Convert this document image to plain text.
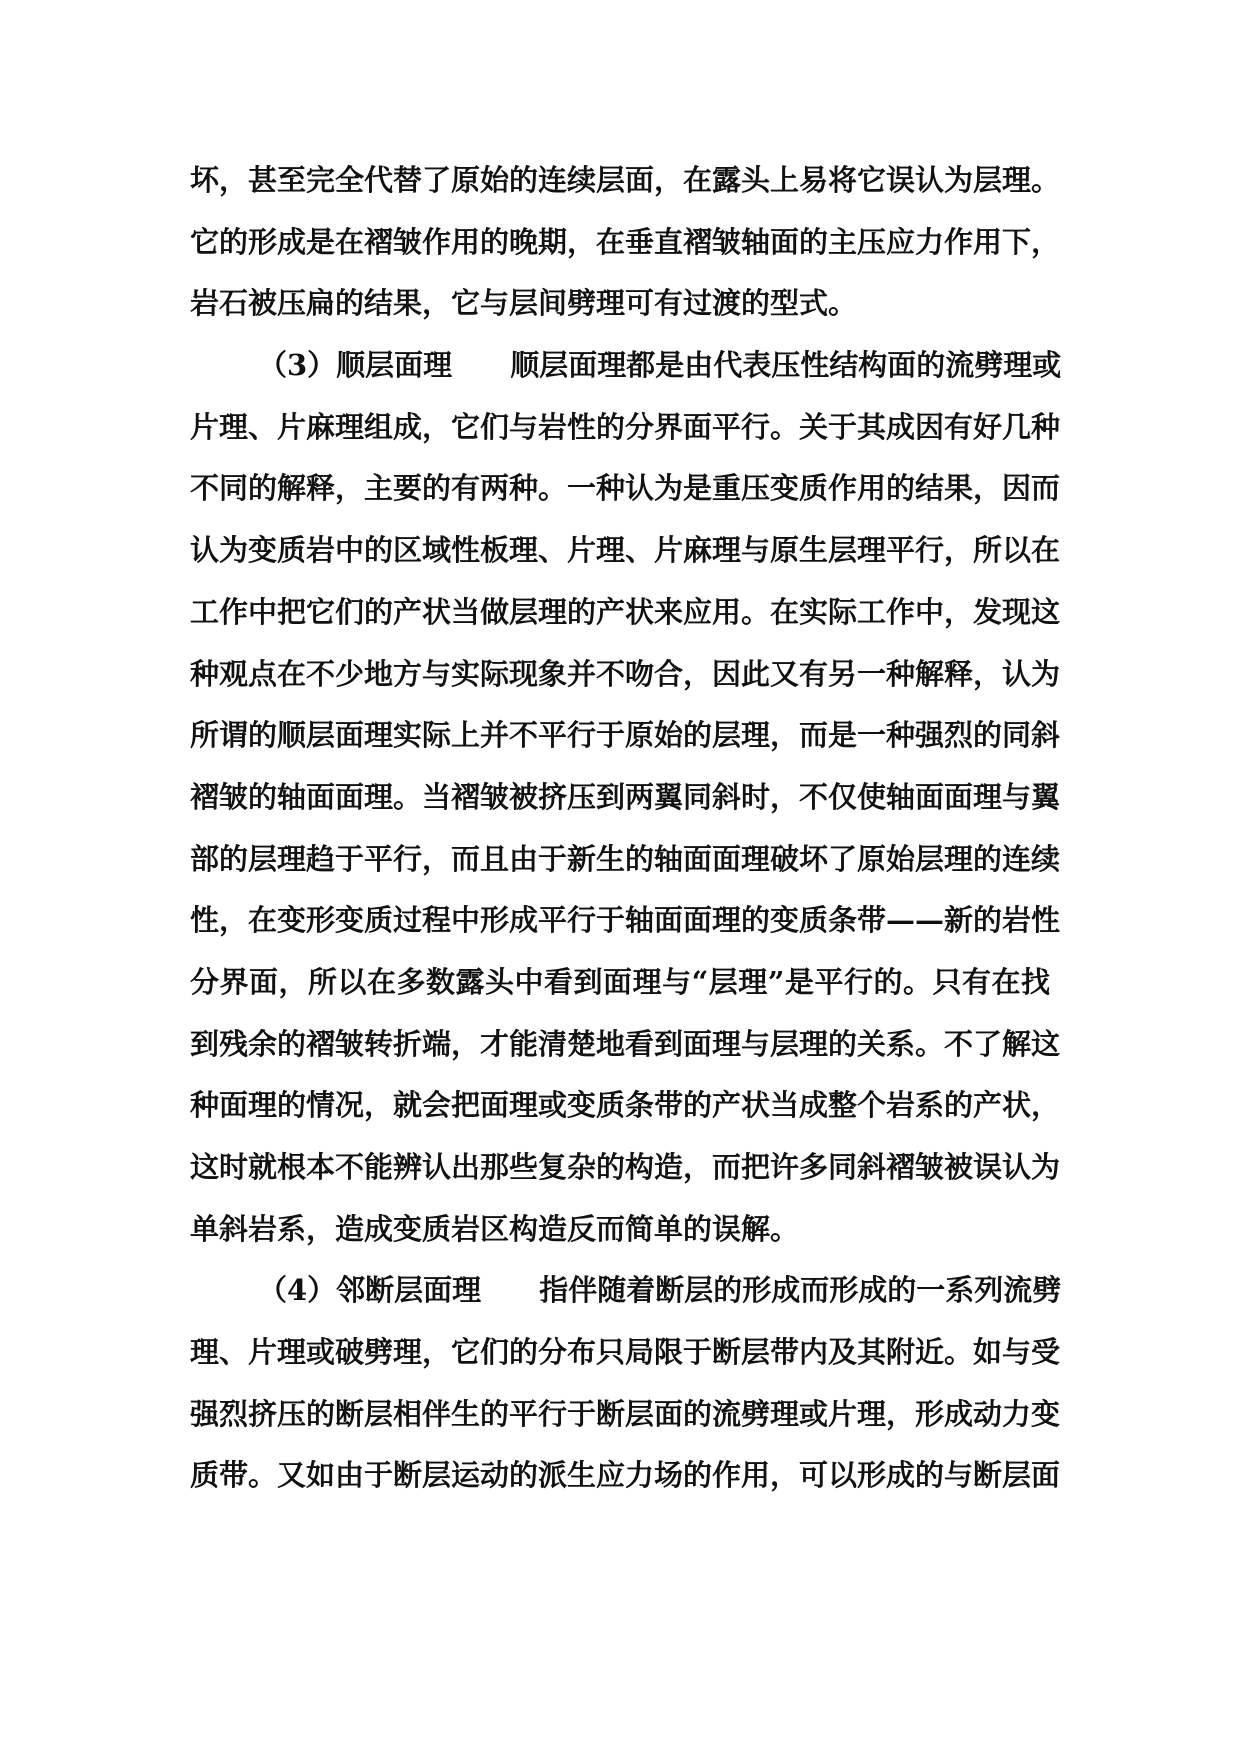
坏，甚至完全代替了原始的连续层面，在露头上易将它误认为层理。
它的形成是在褶皱作用的晚期，在垂直褶皱轴面的主压应力作用下，
岩石被压扁的结果，它与层间劈理可有过渡的型式。
（3）顺层面理 顺层面理都是由代表压性结构面的流劈理或
片理、片麻理组成，它们与岩性的分界面平行。关于其成因有好几种
不同的解释，主要的有两种。一种认为是重压变质作用的结果，因而
认为变质岩中的区域性板理、片理、片麻理与原生层理平行，所以在
工作中把它们的产状当做层理的产状来应用。在实际工作中，发现这
种观点在不少地方与实际现象并不吻合，因此又有另一种解释，认为
所谓的顺层面理实际上并不平行于原始的层理，而是一种强烈的同斜
褶皱的轴面面理。当褶皱被挤压到两翼同斜时，不仅使轴面面理与翼
部的层理趋于平行，而且由于新生的轴面面理破坏了原始层理的连续
性，在变形变质过程中形成平行于轴面面理的变质条带——新的岩性
分界面，所以在多数露头中看到面理与“层理”是平行的。只有在找
到残余的褶皱转折端，才能清楚地看到面理与层理的关系。不了解这
种面理的情况，就会把面理或变质条带的产状当成整个岩系的产状，
这时就根本不能辨认出那些复杂的构造，而把许多同斜褶皱被误认为
单斜岩系，造成变质岩区构造反而简单的误解。
（4）邻断层面理 指伴随着断层的形成而形成的一系列流劈
理、片理或破劈理，它们的分布只局限于断层带内及其附近。如与受
强烈挤压的断层相伴生的平行于断层面的流劈理或片理，形成动力变
质带。又如由于断层运动的派生应力场的作用，可以形成的与断层面
